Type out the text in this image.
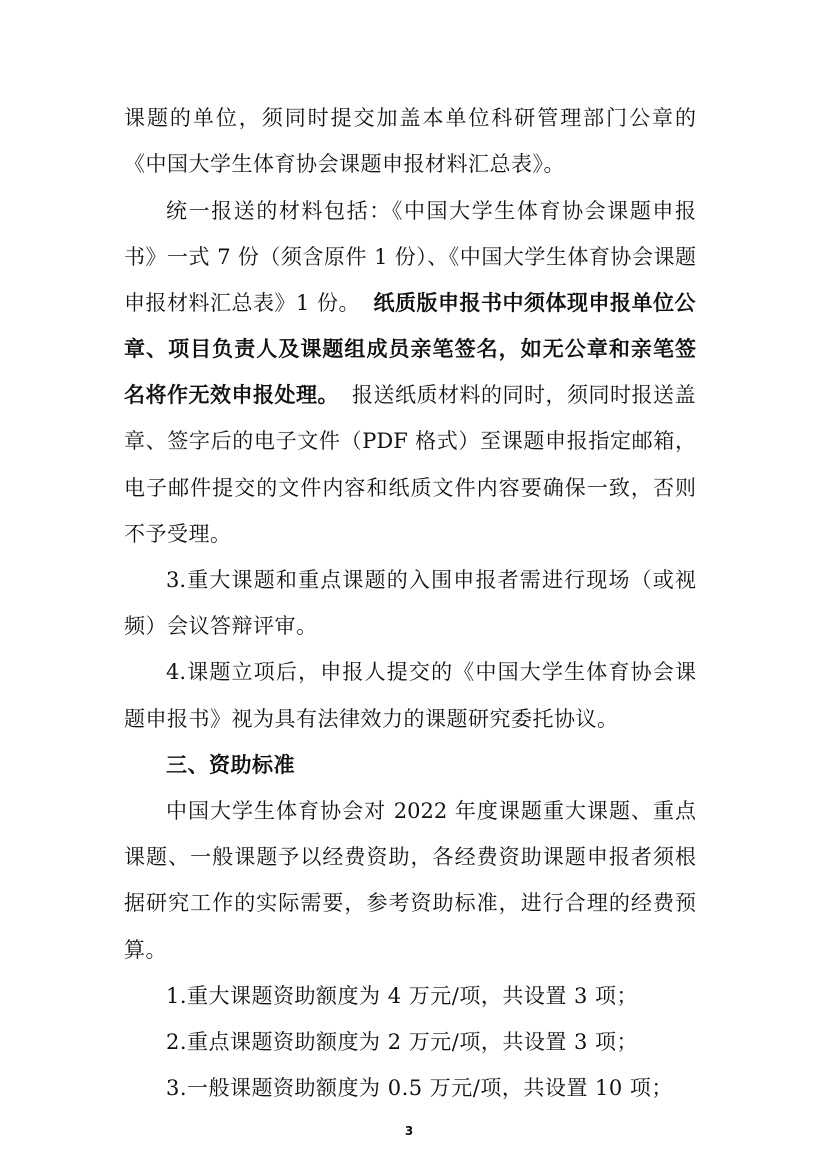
课题的单位，须同时提交加盖本单位科研管理部门公章的
《中国大学生体育协会课题申报材料汇总表》。
统一报送的材料包括：《中国大学生体育协会课题申报
书》一式 7 份（须含原件 1 份）、《中国大学生体育协会课题
申报材料汇总表》1 份。 纸质版申报书中须体现申报单位公
章、项目负责人及课题组成员亲笔签名，如无公章和亲笔签
名将作无效申报处理。 报送纸质材料的同时，须同时报送盖
章、签字后的电子文件（PDF 格式）至课题申报指定邮箱，
电子邮件提交的文件内容和纸质文件内容要确保一致，否则
不予受理。
3.重大课题和重点课题的入围申报者需进行现场（或视
频）会议答辩评审。
4.课题立项后，申报人提交的《中国大学生体育协会课
题申报书》视为具有法律效力的课题研究委托协议。
三、资助标准
中国大学生体育协会对 2022 年度课题重大课题、重点
课题、一般课题予以经费资助，各经费资助课题申报者须根
据研究工作的实际需要，参考资助标准，进行合理的经费预
算。
1.重大课题资助额度为 4 万元/项，共设置 3 项；
2.重点课题资助额度为 2 万元/项，共设置 3 项；
3.一般课题资助额度为 0.5 万元/项，共设置 10 项；
3
